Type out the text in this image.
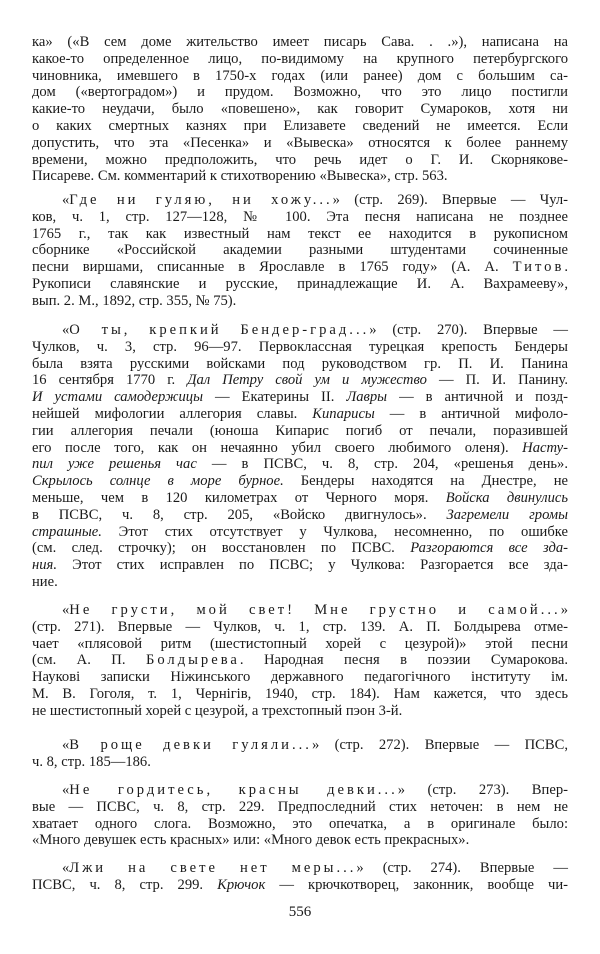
ка» («В сем доме жительство имеет писарь Сава. . .»), написана на
какое-то определенное лицо, по-видимому на крупного петербургского
чиновника, имевшего в 1750-х годах (или ранее) дом с большим са-
дом («вертоградом») и прудом. Возможно, что это лицо постигли
какие-то неудачи, было «повешено», как говорит Сумароков, хотя ни
о каких смертных казнях при Елизавете сведений не имеется. Если
допустить, что эта «Песенка» и «Вывеска» относятся к более раннему
времени, можно предположить, что речь идет о Г. И. Скорнякове-
Писареве. См. комментарий к стихотворению «Вывеска», стр. 563.
«Где ни гуляю, ни хожу...» (стр. 269). Впервые — Чул-
ков, ч. 1, стр. 127—128, № 100. Эта песня написана не позднее
1765 г., так как известный нам текст ее находится в рукописном
сборнике «Российской академии разными штудентами сочиненные
песни виршами, списанные в Ярославле в 1765 году» (А. А. Титов.
Рукописи славянские и русские, принадлежащие И. А. Вахрамееву»,
вып. 2. М., 1892, стр. 355, № 75).
«О ты, крепкий Бендер-град...» (стр. 270). Впервые —
Чулков, ч. 3, стр. 96—97. Первоклассная турецкая крепость Бендеры
была взята русскими войсками под руководством гр. П. И. Панина
16 сентября 1770 г. Дал Петру свой ум и мужество — П. И. Панину.
И устами самодержицы — Екатерины II. Лавры — в античной и позд-
нейшей мифологии аллегория славы. Кипарисы — в античной мифоло-
гии аллегория печали (юноша Кипарис погиб от печали, поразившей
его после того, как он нечаянно убил своего любимого оленя). Насту-
пил уже решенья час — в ПСВС, ч. 8, стр. 204, «решенья день».
Скрылось солнце в море бурное. Бендеры находятся на Днестре, не
меньше, чем в 120 километрах от Черного моря. Войска двинулись
в ПСВС, ч. 8, стр. 205, «Войско двигнулось». Загремели громы
страшные. Этот стих отсутствует у Чулкова, несомненно, по ошибке
(см. след. строчку); он восстановлен по ПСВС. Разгораются все зда-
ния. Этот стих исправлен по ПСВС; у Чулкова: Разгорается все зда-
ние.
«Не грусти, мой свет! Мне грустно и самой...»
(стр. 271). Впервые — Чулков, ч. 1, стр. 139. А. П. Болдырева отме-
чает «плясовой ритм (шестистопный хорей с цезурой)» этой песни
(см. А. П. Болдырева. Народная песня в поэзии Сумарокова.
Наукові записки Ніжинського державного педагогічного інституту ім.
М. В. Гоголя, т. 1, Чернігів, 1940, стр. 184). Нам кажется, что здесь
не шестистопный хорей с цезурой, а трехстопный пэон 3-й.
«В роще девки гуляли...» (стр. 272). Впервые — ПСВС,
ч. 8, стр. 185—186.
«Не гордитесь, красны девки...» (стр. 273). Впер-
вые — ПСВС, ч. 8, стр. 229. Предпоследний стих неточен: в нем не
хватает одного слога. Возможно, это опечатка, а в оригинале было:
«Много девушек есть красных» или: «Много девок есть прекрасных».
«Лжи на свете нет меры...» (стр. 274). Впервые —
ПСВС, ч. 8, стр. 299. Крючок — крючкотворец, законник, вообще чи-
556
